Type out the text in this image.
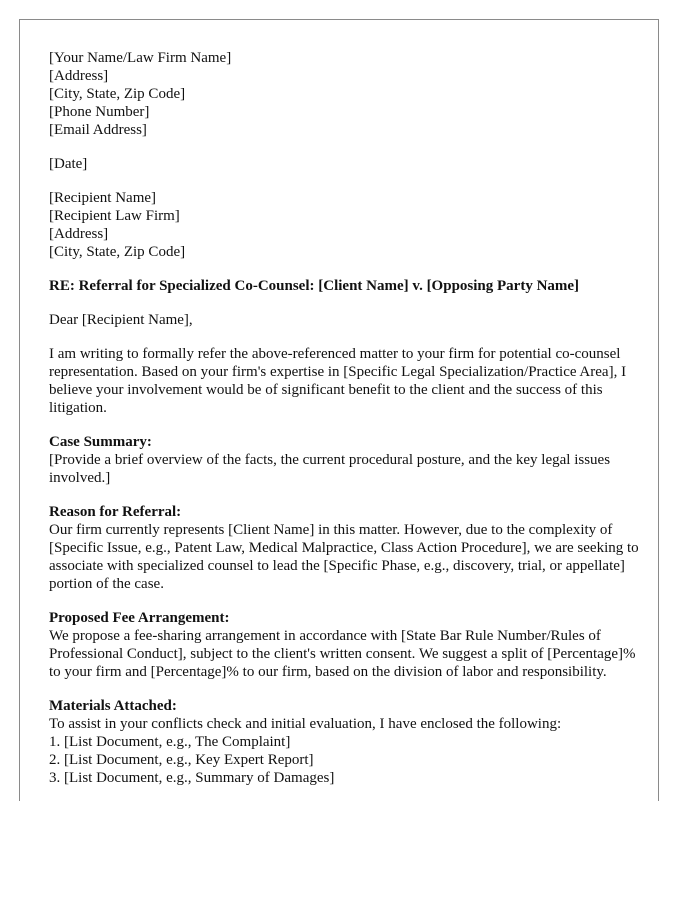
[Your Name/Law Firm Name]
[Address]
[City, State, Zip Code]
[Phone Number]
[Email Address]
[Date]
[Recipient Name]
[Recipient Law Firm]
[Address]
[City, State, Zip Code]

RE: Referral for Specialized Co-Counsel: [Client Name] v. [Opposing Party Name]

Dear [Recipient Name],

I am writing to formally refer the above-referenced matter to your firm for potential co-counsel representation. Based on your firm's expertise in [Specific Legal Specialization/Practice Area], I believe your involvement would be of significant benefit to the client and the success of this litigation.

Case Summary:
[Provide a brief overview of the facts, the current procedural posture, and the key legal issues involved.]
Reason for Referral:
Our firm currently represents [Client Name] in this matter. However, due to the complexity of [Specific Issue, e.g., Patent Law, Medical Malpractice, Class Action Procedure], we are seeking to associate with specialized counsel to lead the [Specific Phase, e.g., discovery, trial, or appellate] portion of the case.
Proposed Fee Arrangement:
We propose a fee-sharing arrangement in accordance with [State Bar Rule Number/Rules of Professional Conduct], subject to the client's written consent. We suggest a split of [Percentage]% to your firm and [Percentage]% to our firm, based on the division of labor and responsibility.
Materials Attached:
To assist in your conflicts check and initial evaluation, I have enclosed the following:
1. [List Document, e.g., The Complaint]
2. [List Document, e.g., Key Expert Report]
3. [List Document, e.g., Summary of Damages]
